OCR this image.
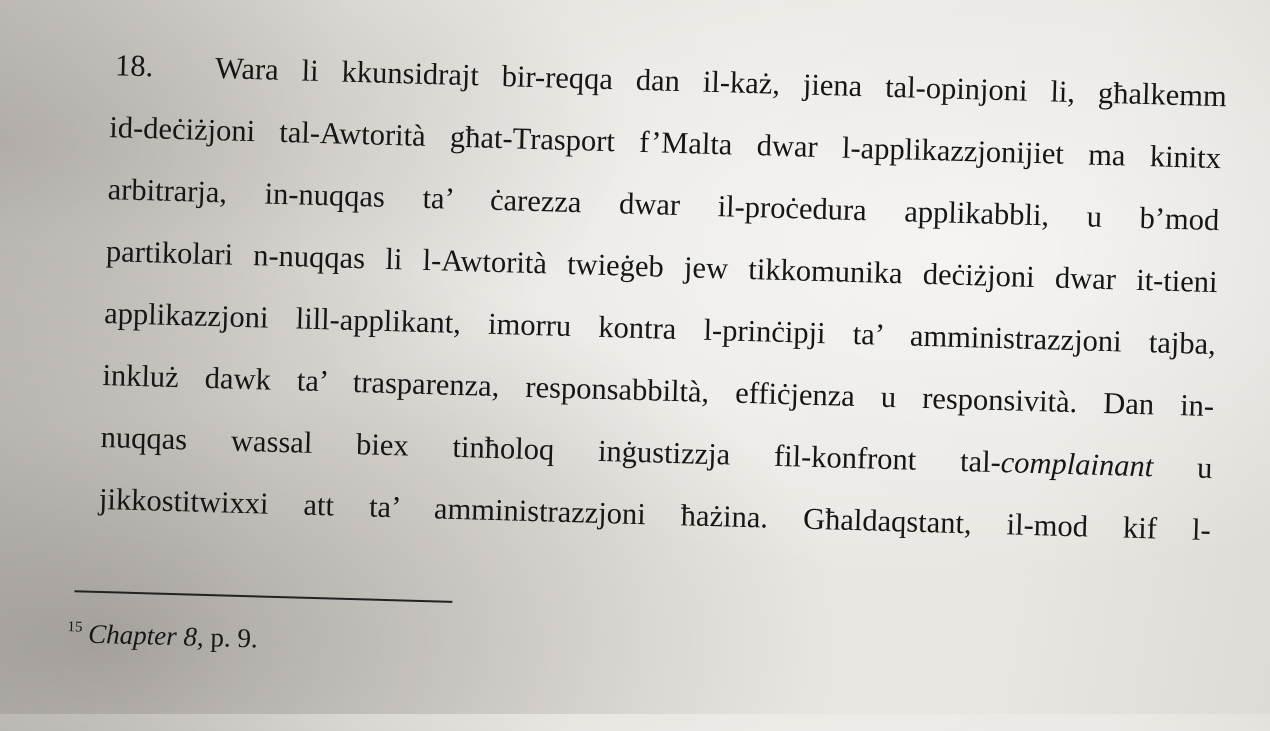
18. Wara li kkunsidrajt bir-reqqa dan il-każ, jiena tal-opinjoni li, għalkemm
id-deċiżjoni tal-Awtorità għat-Trasport f’Malta dwar l-applikazzjonijiet ma kinitx
arbitrarja, in-nuqqas ta’ ċarezza dwar il-proċedura applikabbli, u b’mod
partikolari n-nuqqas li l-Awtorità twieġeb jew tikkomunika deċiżjoni dwar it-tieni
applikazzjoni lill-applikant, imorru kontra l-prinċipji ta’ amministrazzjoni tajba,
inkluż dawk ta’ trasparenza, responsabbiltà, effiċjenza u responsività. Dan in-
nuqqas wassal biex tinħoloq inġustizzja fil-konfront tal-complainant u
jikkostitwixxi att ta’ amministrazzjoni ħażina. Għaldaqstant, il-mod kif l-
$^{15}$ Chapter 8, p. 9.
